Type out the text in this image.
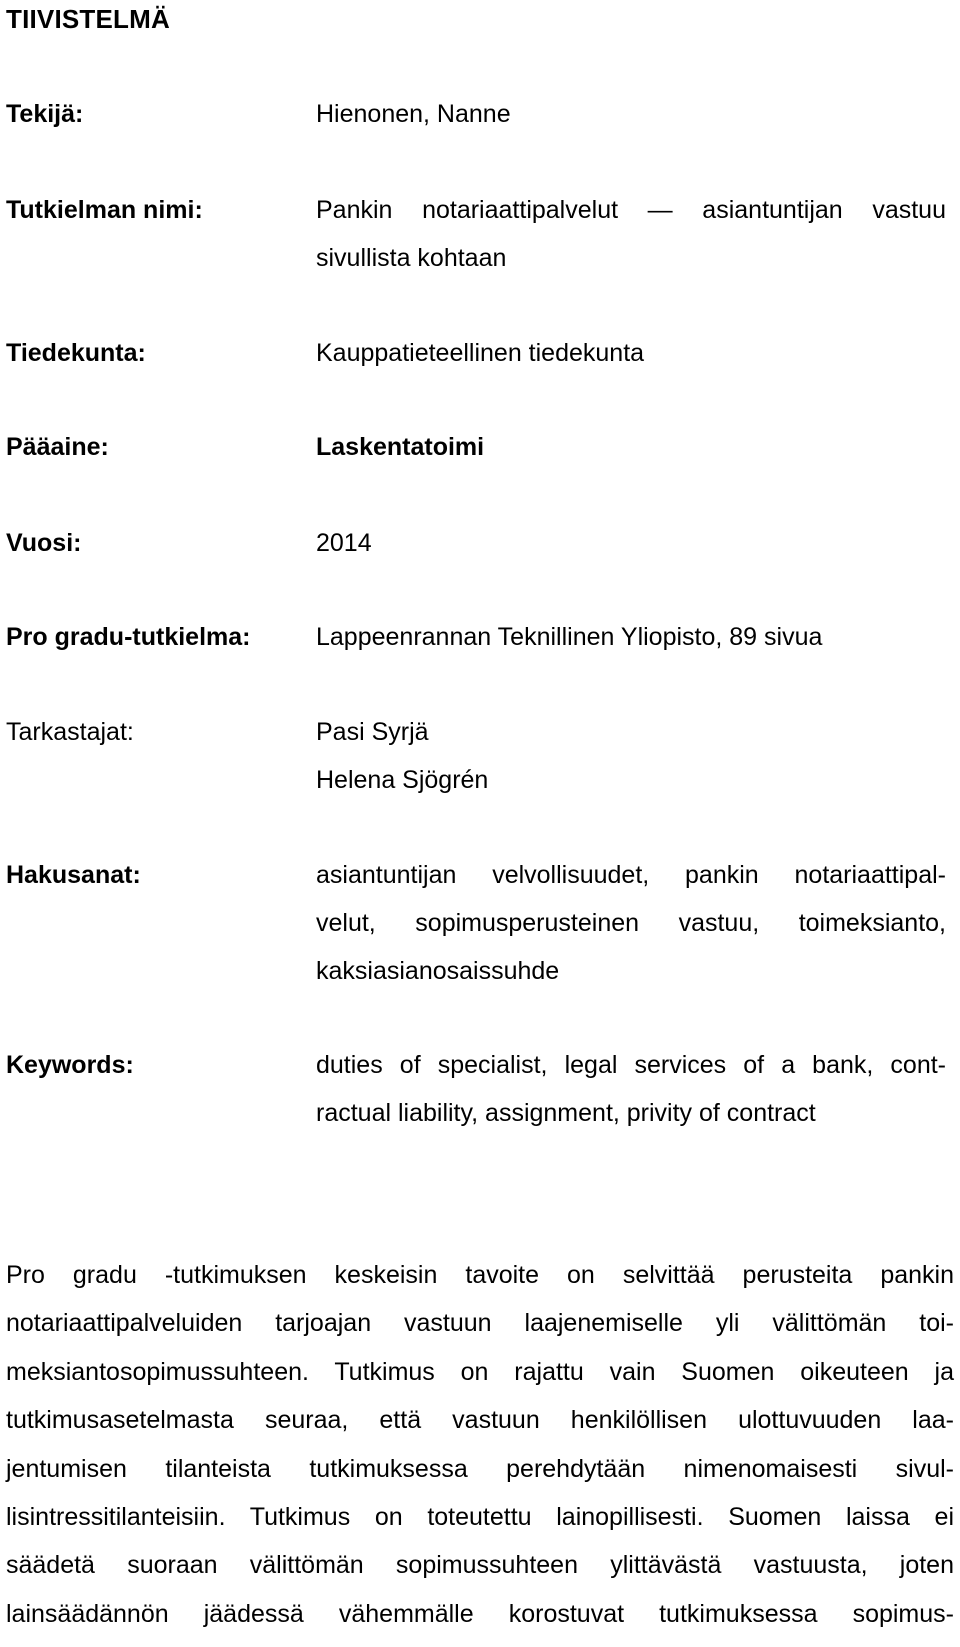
TIIVISTELMÄ
Tekijä:	Hienonen, Nanne
Tutkielman nimi:	Pankin notariaattipalvelut — asiantuntijan vastuu
sivullista kohtaan
Tiedekunta:	Kauppatieteellinen tiedekunta
Pääaine:	Laskentatoimi
Vuosi:	2014
Pro gradu-tutkielma:	Lappeenrannan Teknillinen Yliopisto, 89 sivua
Tarkastajat:	Pasi Syrjä
Helena Sjögrén
Hakusanat:	asiantuntijan velvollisuudet, pankin notariaattipal-
velut, sopimusperusteinen vastuu, toimeksianto,
kaksiasianosaissuhde
Keywords:	duties of specialist, legal services of a bank, cont-
ractual liability, assignment, privity of contract
Pro gradu -tutkimuksen keskeisin tavoite on selvittää perusteita pankin
notariaattipalveluiden tarjoajan vastuun laajenemiselle yli välittömän toi-
meksiantosopimussuhteen. Tutkimus on rajattu vain Suomen oikeuteen ja
tutkimusasetelmasta seuraa, että vastuun henkilöllisen ulottuvuuden laa-
jentumisen tilanteista tutkimuksessa perehdytään nimenomaisesti sivul-
lisintressitilanteisiin. Tutkimus on toteutettu lainopillisesti. Suomen laissa ei
säädetä suoraan välittömän sopimussuhteen ylittävästä vastuusta, joten
lainsäädännön jäädessä vähemmälle korostuvat tutkimuksessa sopimus-
